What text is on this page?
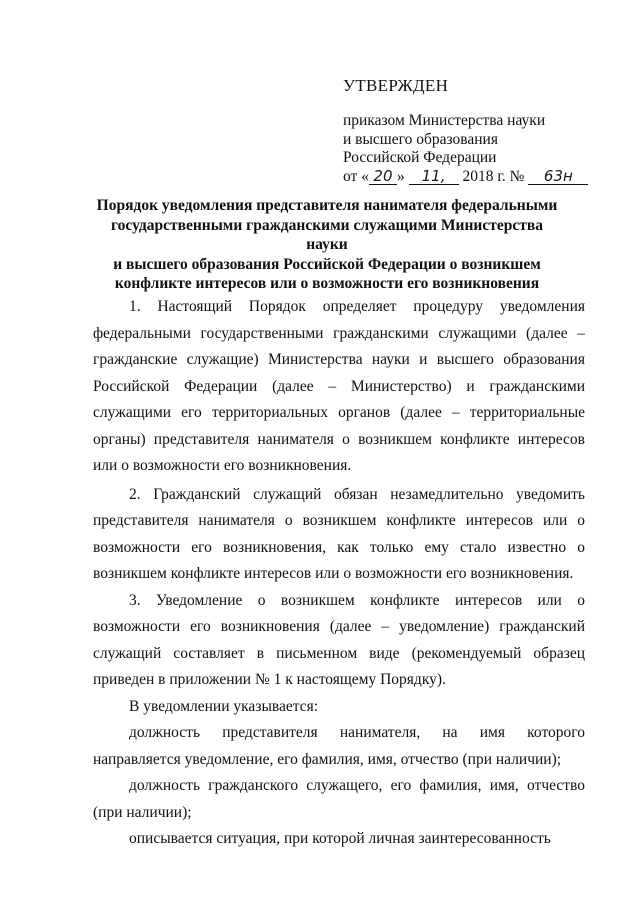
УТВЕРЖДЕН
приказом Министерства науки
и высшего образования
Российской Федерации
от « 20 » 11, 2018 г. № 63н
Порядок уведомления представителя нанимателя федеральными
государственными гражданскими служащими Министерства науки
и высшего образования Российской Федерации о возникшем
конфликте интересов или о возможности его возникновения

1. Настоящий Порядок определяет процедуру уведомления федеральными государственными гражданскими служащими (далее – гражданские служащие) Министерства науки и высшего образования Российской Федерации (далее – Министерство) и гражданскими служащими его территориальных органов (далее – территориальные органы) представителя нанимателя о возникшем конфликте интересов или о возможности его возникновения.

2. Гражданский служащий обязан незамедлительно уведомить представителя нанимателя о возникшем конфликте интересов или о возможности его возникновения, как только ему стало известно о возникшем конфликте интересов или о возможности его возникновения.

3. Уведомление о возникшем конфликте интересов или о возможности его возникновения (далее – уведомление) гражданский служащий составляет в письменном виде (рекомендуемый образец приведен в приложении № 1 к настоящему Порядку).

В уведомлении указывается:

должность представителя нанимателя, на имя которого направляется уведомление, его фамилия, имя, отчество (при наличии);

должность гражданского служащего, его фамилия, имя, отчество (при наличии);

описывается ситуация, при которой личная заинтересованность
